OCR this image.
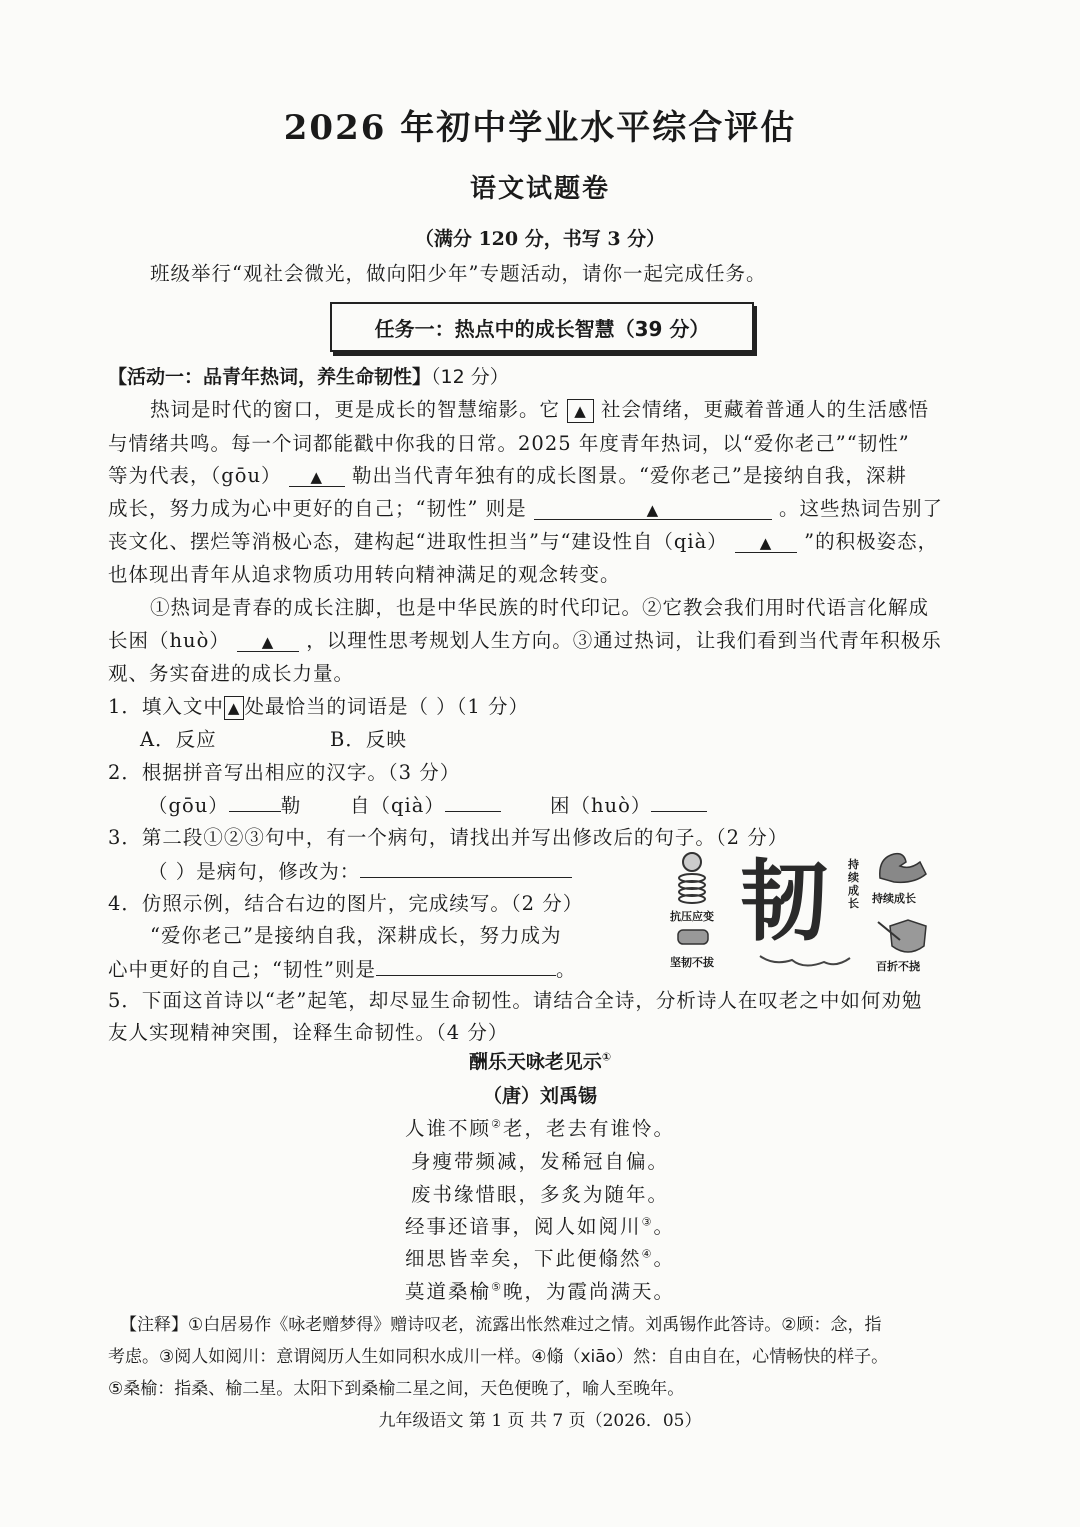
2026 年初中学业水平综合评估
语文试题卷
（满分 120 分，书写 3 分）
班级举行“观社会微光，做向阳少年”专题活动，请你一起完成任务。
任务一：热点中的成长智慧（39 分）
【活动一：品青年热词，养生命韧性】（12 分）
热词是时代的窗口，更是成长的智慧缩影。它 ▲ 社会情绪，更藏着普通人的生活感悟
与情绪共鸣。每一个词都能戳中你我的日常。2025 年度青年热词，以“爱你老己”“韧性”
等为代表，（gōu） ▲ 勒出当代青年独有的成长图景。“爱你老己”是接纳自我，深耕
成长，努力成为心中更好的自己；“韧性” 则是	▲	。这些热词告别了
丧文化、摆烂等消极心态，建构起“进取性担当”与“建设性自（qià） ▲ ”的积极姿态，
也体现出青年从追求物质功用转向精神满足的观念转变。
①热词是青春的成长注脚，也是中华民族的时代印记。②它教会我们用时代语言化解成
长困（huò） ▲ ，以理性思考规划人生方向。③通过热词，让我们看到当代青年积极乐
观、务实奋进的成长力量。
1．填入文中 ▲ 处最恰当的词语是（ ）（1 分）
A．反应	B．反映
2．根据拼音写出相应的汉字。（3 分）
（gōu）	勒 自（qià）	困（huò）
3．第二段①②③句中，有一个病句，请找出并写出修改后的句子。（2 分）
（ ）是病句，修改为：
4．仿照示例，结合右边的图片，完成续写。（2 分）
“爱你老己”是接纳自我，深耕成长，努力成为
心中更好的自己；“韧性”则是	。
韧
抗压应变
坚韧不拔
持续成长 持续成长
百折不挠
5．下面这首诗以“老”起笔，却尽显生命韧性。请结合全诗，分析诗人在叹老之中如何劝勉
友人实现精神突围，诠释生命韧性。（4 分）
酬乐天咏老见示①
（唐）刘禹锡
人谁不顾②老，老去有谁怜。
身瘦带频减，发稀冠自偏。
废书缘惜眼，多炙为随年。
经事还谙事，阅人如阅川③。
细思皆幸矣，下此便翛然④。
莫道桑榆⑤晚，为霞尚满天。
【注释】①白居易作《咏老赠梦得》赠诗叹老，流露出怅然难过之情。刘禹锡作此答诗。②顾：念，指
考虑。③阅人如阅川：意谓阅历人生如同积水成川一样。④翛（xiāo）然：自由自在，心情畅快的样子。
⑤桑榆：指桑、榆二星。太阳下到桑榆二星之间，天色便晚了，喻人至晚年。
九年级语文 第 1 页 共 7 页（2026．05）
